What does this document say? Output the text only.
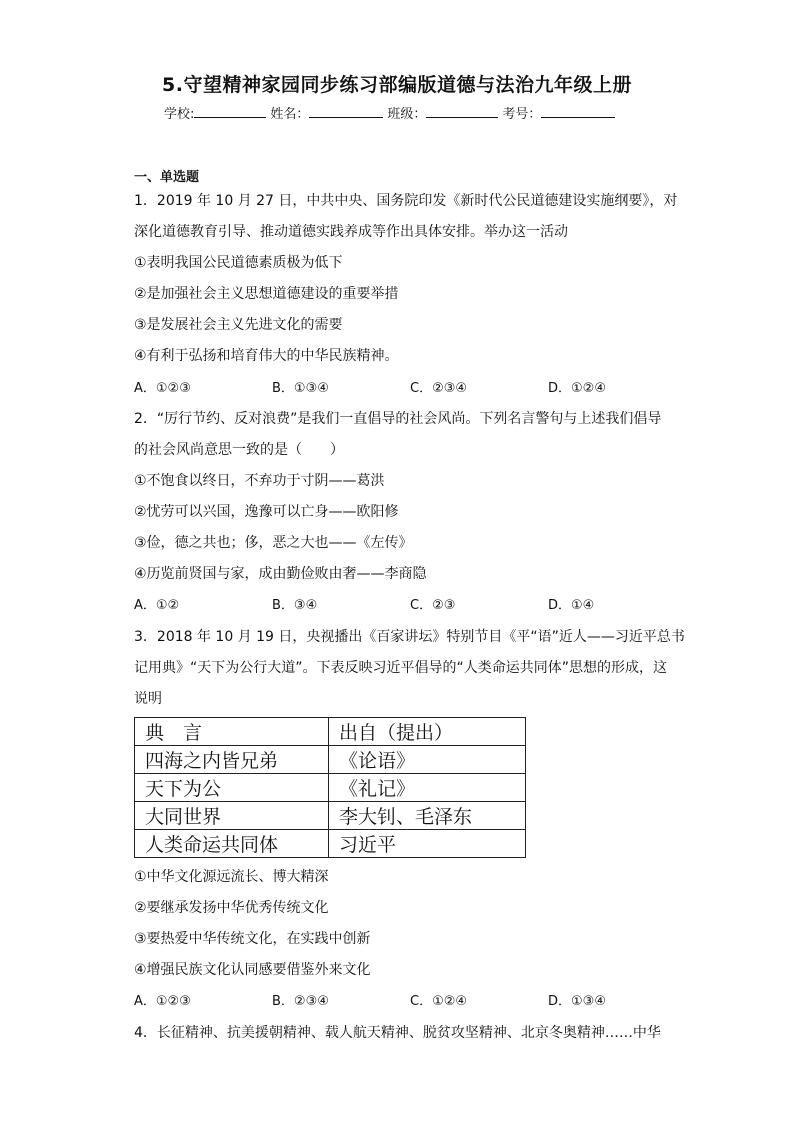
5.守望精神家园同步练习部编版道德与法治九年级上册
学校:	姓名：	班级：	考号：
一、单选题
1．2019 年 10 月 27 日，中共中央、国务院印发《新时代公民道德建设实施纲要》，对
深化道德教育引导、推动道德实践养成等作出具体安排。举办这一活动
①表明我国公民道德素质极为低下
②是加强社会主义思想道德建设的重要举措
③是发展社会主义先进文化的需要
④有利于弘扬和培育伟大的中华民族精神。
A．①②③	B．①③④	C．②③④	D．①②④
2．“厉行节约、反对浪费”是我们一直倡导的社会风尚。下列名言警句与上述我们倡导
的社会风尚意思一致的是（　　）
①不饱食以终日，不弃功于寸阴——葛洪
②忧劳可以兴国，逸豫可以亡身——欧阳修
③俭，德之共也；侈，恶之大也——《左传》
④历览前贤国与家，成由勤俭败由奢——李商隐
A．①②	B．③④	C．②③	D．①④
3．2018 年 10 月 19 日，央视播出《百家讲坛》特别节目《平“语”近人——习近平总书
记用典》“天下为公行大道”。下表反映习近平倡导的“人类命运共同体”思想的形成，这
说明
典　言	出自（提出）
四海之内皆兄弟	《论语》
天下为公	《礼记》
大同世界	李大钊、毛泽东
人类命运共同体	习近平
①中华文化源远流长、博大精深
②要继承发扬中华优秀传统文化
③要热爱中华传统文化，在实践中创新
④增强民族文化认同感要借鉴外来文化
A．①②③	B．②③④	C．①②④	D．①③④
4．长征精神、抗美援朝精神、载人航天精神、脱贫攻坚精神、北京冬奥精神……中华
